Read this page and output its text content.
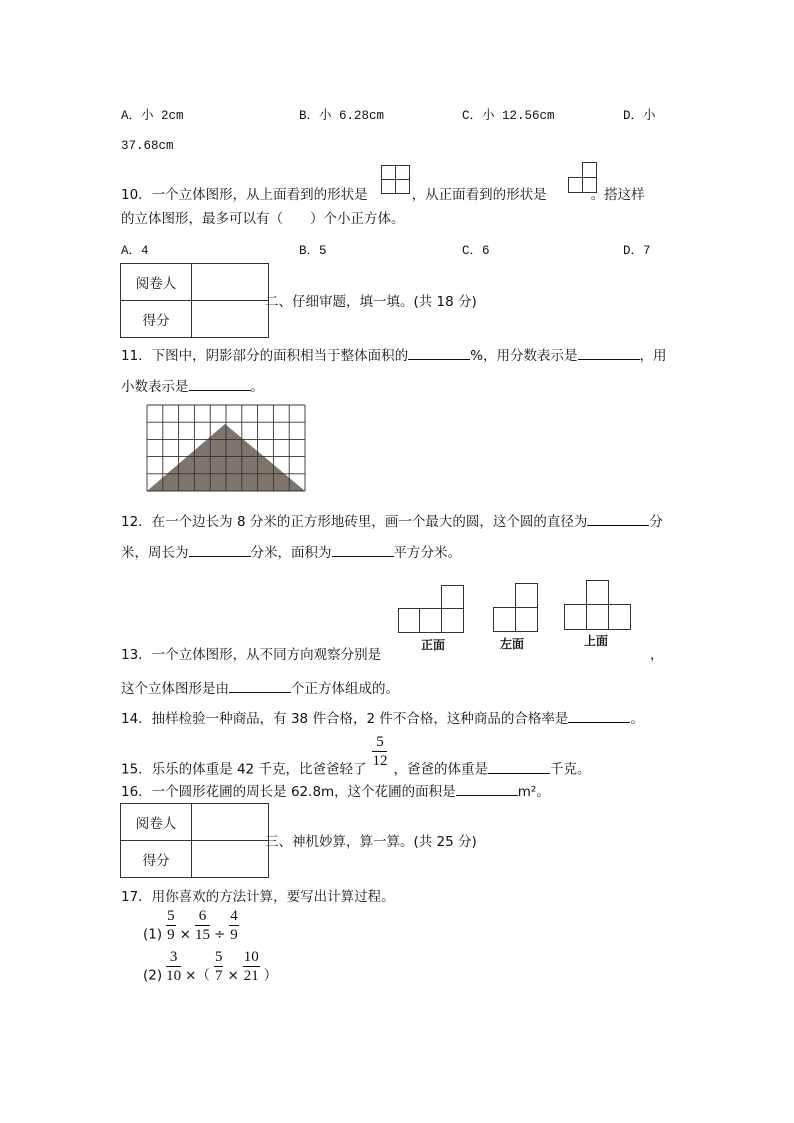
A．小 2cm	B．小 6.28cm	C．小 12.56cm	D．小
37.68cm
10．一个立体图形，从上面看到的形状是	，从正面看到的形状是	。搭这样
的立体图形，最多可以有（　　）个小正方体。
A．4	B．5	C．6	D．7
阅卷人	
得分	
二、仔细审题，填一填。(共 18 分)
11．下图中，阴影部分的面积相当于整体面积的	%，用分数表示是	，用
小数表示是	。
12．在一个边长为 8 分米的正方形地砖里，画一个最大的圆，这个圆的直径为	分
米，周长为	分米，面积为	平方分米。
正面	左面	上面
13．一个立体图形，从不同方向观察分别是	，
这个立体图形是由	个正方体组成的。
14．抽样检验一种商品，有 38 件合格，2 件不合格，这种商品的合格率是	。
15．乐乐的体重是 42 千克，比爸爸轻了 $\frac{5}{12}$ ，爸爸的体重是	千克。
16．一个圆形花圃的周长是 62.8m，这个花圃的面积是	m²。
阅卷人	
得分	
三、神机妙算，算一算。(共 25 分)
17．用你喜欢的方法计算，要写出计算过程。
$(1) \frac{5}{9} \times \frac{6}{15} \div \frac{4}{9}$
$(2) \frac{3}{10}$ ×（ $\frac{5}{7} \times \frac{10}{21}$ ）
